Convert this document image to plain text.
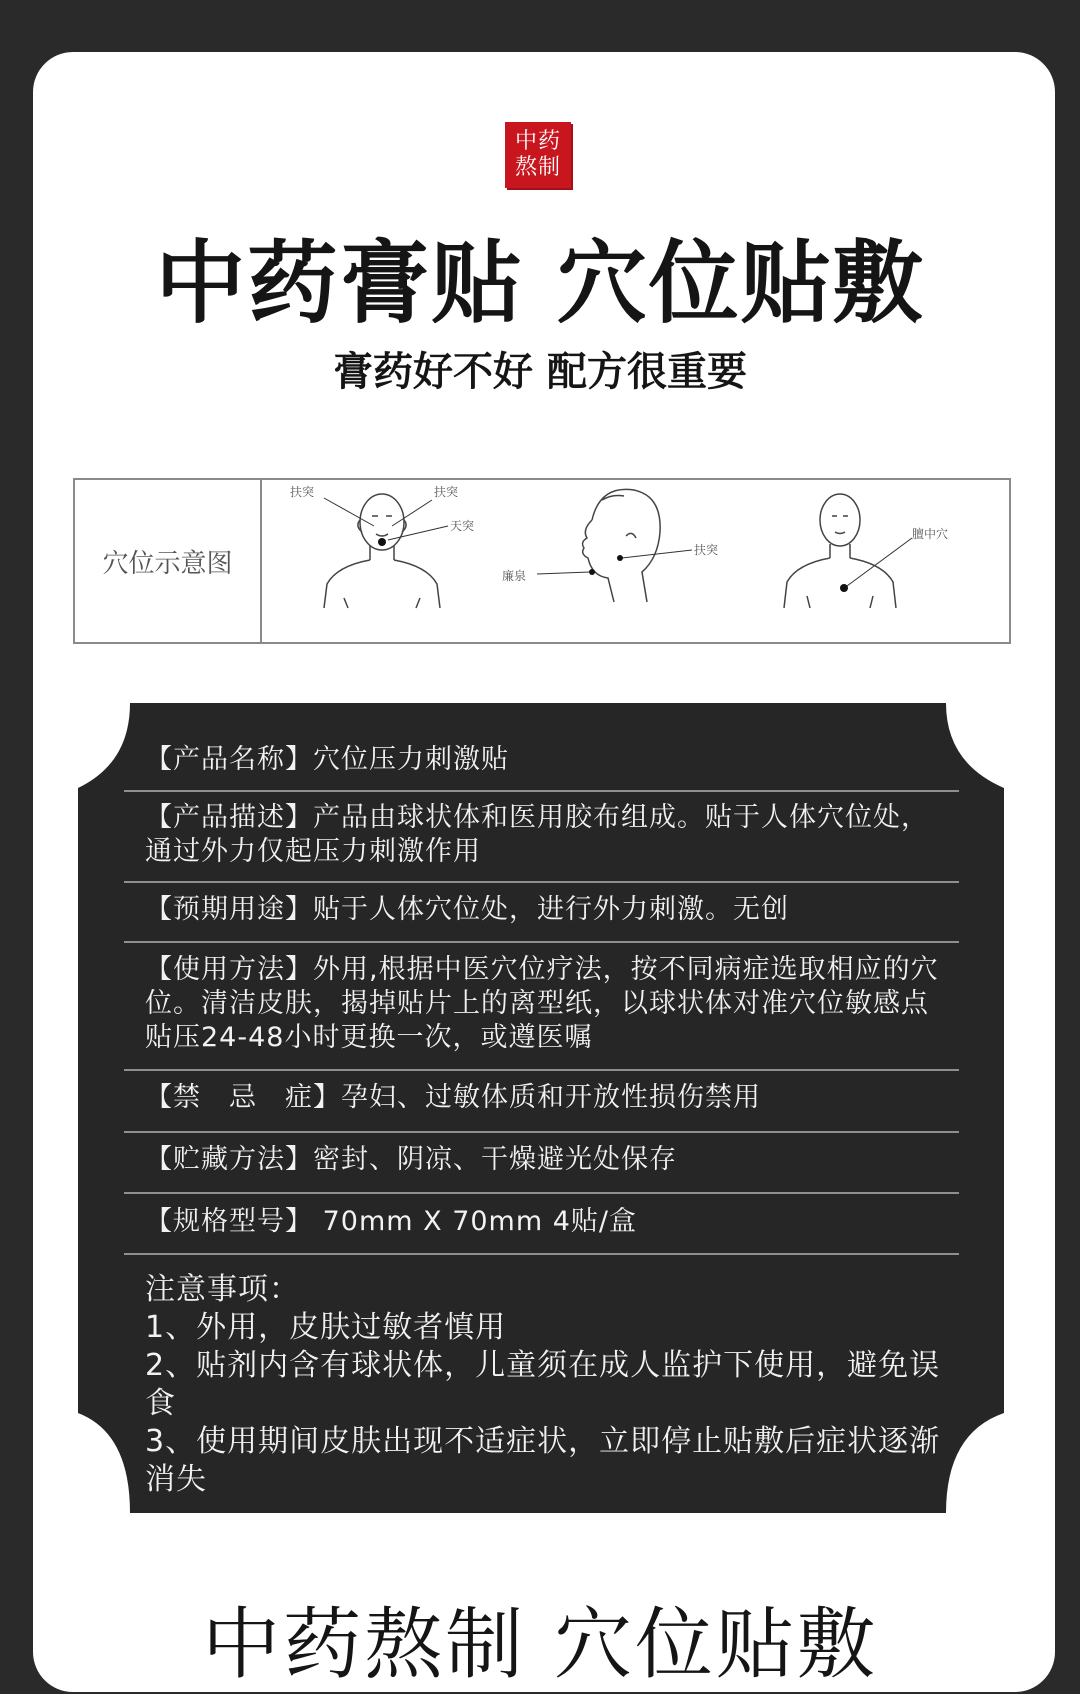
中药熬制
中药膏贴 穴位贴敷
膏药好不好 配方很重要
穴位示意图
扶突	扶突
天突
扶突
廉泉
膻中穴
【产品名称】穴位压力刺激贴
【产品描述】产品由球状体和医用胶布组成。贴于人体穴位处，通过外力仅起压力刺激作用
【预期用途】贴于人体穴位处，进行外力刺激。无创
【使用方法】外用,根据中医穴位疗法，按不同病症选取相应的穴位。清洁皮肤，揭掉贴片上的离型纸，以球状体对准穴位敏感点贴压24-48小时更换一次，或遵医嘱
【禁　忌　症】孕妇、过敏体质和开放性损伤禁用
【贮藏方法】密封、阴凉、干燥避光处保存
【规格型号】 70mm X 70mm 4贴/盒
注意事项：
1、外用，皮肤过敏者慎用
2、贴剂内含有球状体，儿童须在成人监护下使用，避免误食
3、使用期间皮肤出现不适症状，立即停止贴敷后症状逐渐消失
中药熬制 穴位贴敷
